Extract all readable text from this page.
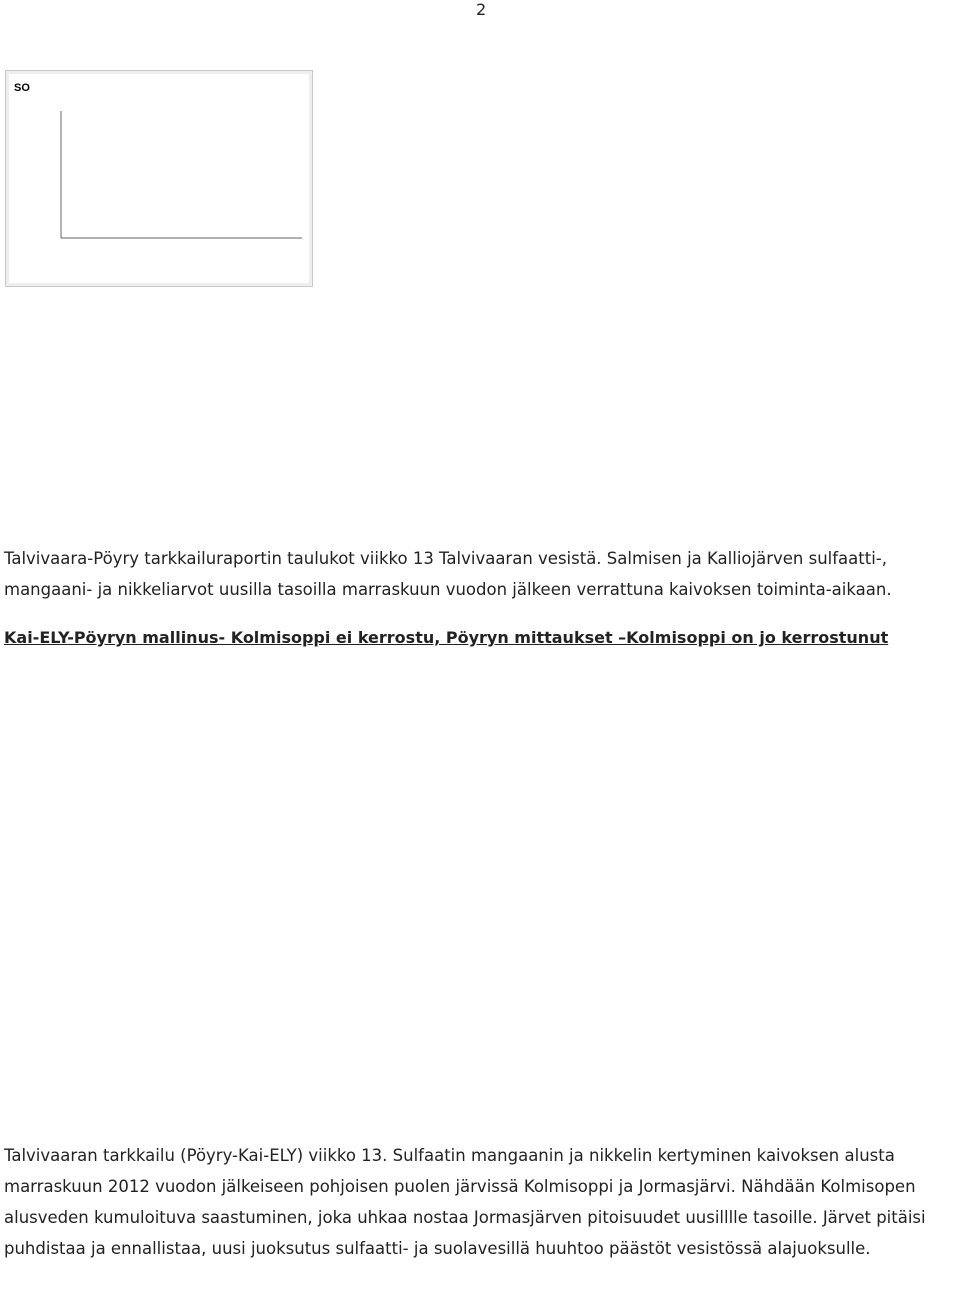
2
SO
Talvivaara-Pöyry tarkkailuraportin taulukot viikko 13 Talvivaaran vesistä. Salmisen ja Kalliojärven sulfaatti-, mangaani- ja nikkeliarvot uusilla tasoilla marraskuun vuodon jälkeen verrattuna kaivoksen toiminta-aikaan.
Kai-ELY-Pöyryn mallinus- Kolmisoppi ei kerrostu, Pöyryn mittaukset –Kolmisoppi on jo kerrostunut
Talvivaaran tarkkailu (Pöyry-Kai-ELY) viikko 13. Sulfaatin mangaanin ja nikkelin kertyminen kaivoksen alusta marraskuun 2012 vuodon jälkeiseen pohjoisen puolen järvissä Kolmisoppi ja Jormasjärvi. Nähdään Kolmisopen alusveden kumuloituva saastuminen, joka uhkaa nostaa Jormasjärven pitoisuudet uusilllle tasoille. Järvet pitäisi puhdistaa ja ennallistaa, uusi juoksutus sulfaatti- ja suolavesillä huuhtoo päästöt vesistössä alajuoksulle.
